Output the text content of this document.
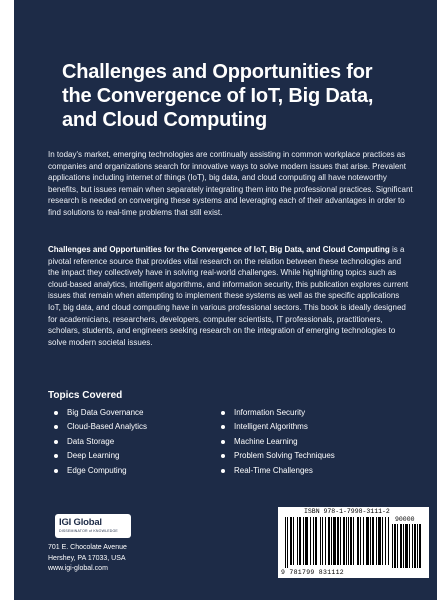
Challenges and Opportunities for
the Convergence of IoT, Big Data,
and Cloud Computing

In today's market, emerging technologies are continually assisting in common workplace practices as companies and organizations search for innovative ways to solve modern issues that arise. Prevalent applications including internet of things (IoT), big data, and cloud computing all have noteworthy benefits, but issues remain when separately integrating them into the professional practices. Significant research is needed on converging these systems and leveraging each of their advantages in order to find solutions to real-time problems that still exist.

Challenges and Opportunities for the Convergence of IoT, Big Data, and Cloud Computing is a pivotal reference source that provides vital research on the relation between these technologies and the impact they collectively have in solving real-world challenges. While highlighting topics such as cloud-based analytics, intelligent algorithms, and information security, this publication explores current issues that remain when attempting to implement these systems as well as the specific applications IoT, big data, and cloud computing have in various professional sectors. This book is ideally designed for academicians, researchers, developers, computer scientists, IT professionals, practitioners, scholars, students, and engineers seeking research on the integration of emerging technologies to solve modern societal issues.

Topics Covered
Big Data Governance
Cloud-Based Analytics
Data Storage
Deep Learning
Edge Computing
Information Security
Intelligent Algorithms
Machine Learning
Problem Solving Techniques
Real-Time Challenges
IGI Global
DISSEMINATOR of KNOWLEDGE
701 E. Chocolate Avenue
Hershey, PA 17033, USA
www.igi-global.com
ISBN 978-1-7998-3111-2
90000
9 781799 831112
